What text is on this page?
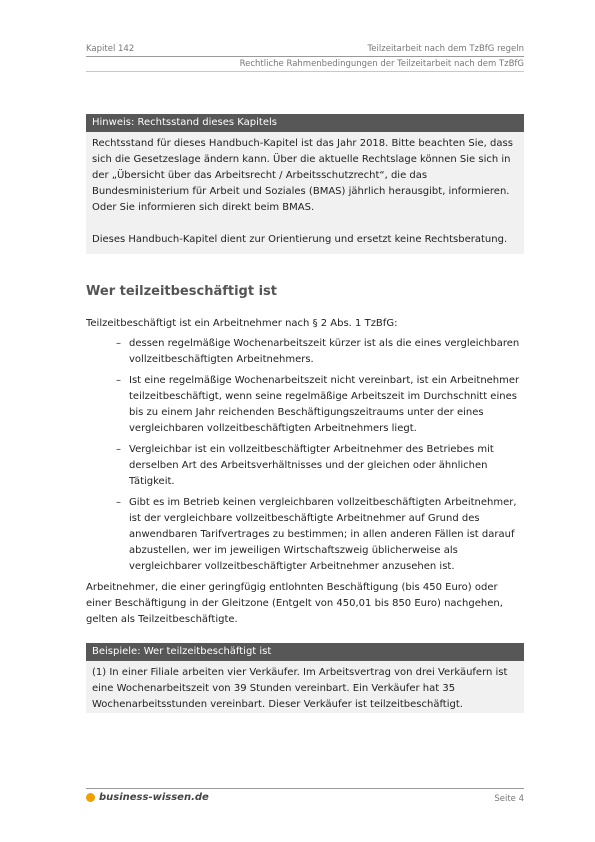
Kapitel 142	Teilzeitarbeit nach dem TzBfG regeln
Rechtliche Rahmenbedingungen der Teilzeitarbeit nach dem TzBfG
Hinweis: Rechtsstand dieses Kapitels

Rechtsstand für dieses Handbuch-Kapitel ist das Jahr 2018. Bitte beachten Sie, dass sich die Gesetzeslage ändern kann. Über die aktuelle Rechtslage können Sie sich in der „Übersicht über das Arbeitsrecht / Arbeitsschutzrecht“, die das Bundesministerium für Arbeit und Soziales (BMAS) jährlich herausgibt, informieren. Oder Sie informieren sich direkt beim BMAS.

Dieses Handbuch-Kapitel dient zur Orientierung und ersetzt keine Rechtsberatung.

Wer teilzeitbeschäftigt ist

Teilzeitbeschäftigt ist ein Arbeitnehmer nach § 2 Abs. 1 TzBfG:

– dessen regelmäßige Wochenarbeitszeit kürzer ist als die eines vergleichbaren vollzeitbeschäftigten Arbeitnehmers.
– Ist eine regelmäßige Wochenarbeitszeit nicht vereinbart, ist ein Arbeitnehmer teilzeitbeschäftigt, wenn seine regelmäßige Arbeitszeit im Durchschnitt eines bis zu einem Jahr reichenden Beschäftigungszeitraums unter der eines vergleichbaren vollzeitbeschäftigten Arbeitnehmers liegt.
– Vergleichbar ist ein vollzeitbeschäftigter Arbeitnehmer des Betriebes mit derselben Art des Arbeitsverhältnisses und der gleichen oder ähnlichen Tätigkeit.
– Gibt es im Betrieb keinen vergleichbaren vollzeitbeschäftigten Arbeitnehmer, ist der vergleichbare vollzeitbeschäftigte Arbeitnehmer auf Grund des anwendbaren Tarifvertrages zu bestimmen; in allen anderen Fällen ist darauf abzustellen, wer im jeweiligen Wirtschaftszweig üblicherweise als vergleichbarer vollzeitbeschäftigter Arbeitnehmer anzusehen ist.

Arbeitnehmer, die einer geringfügig entlohnten Beschäftigung (bis 450 Euro) oder einer Beschäftigung in der Gleitzone (Entgelt von 450,01 bis 850 Euro) nachgehen, gelten als Teilzeitbeschäftigte.

Beispiele: Wer teilzeitbeschäftigt ist

(1) In einer Filiale arbeiten vier Verkäufer. Im Arbeitsvertrag von drei Verkäufern ist eine Wochenarbeitszeit von 39 Stunden vereinbart. Ein Verkäufer hat 35 Wochenarbeitsstunden vereinbart. Dieser Verkäufer ist teilzeitbeschäftigt.

business-wissen.de	Seite 4
